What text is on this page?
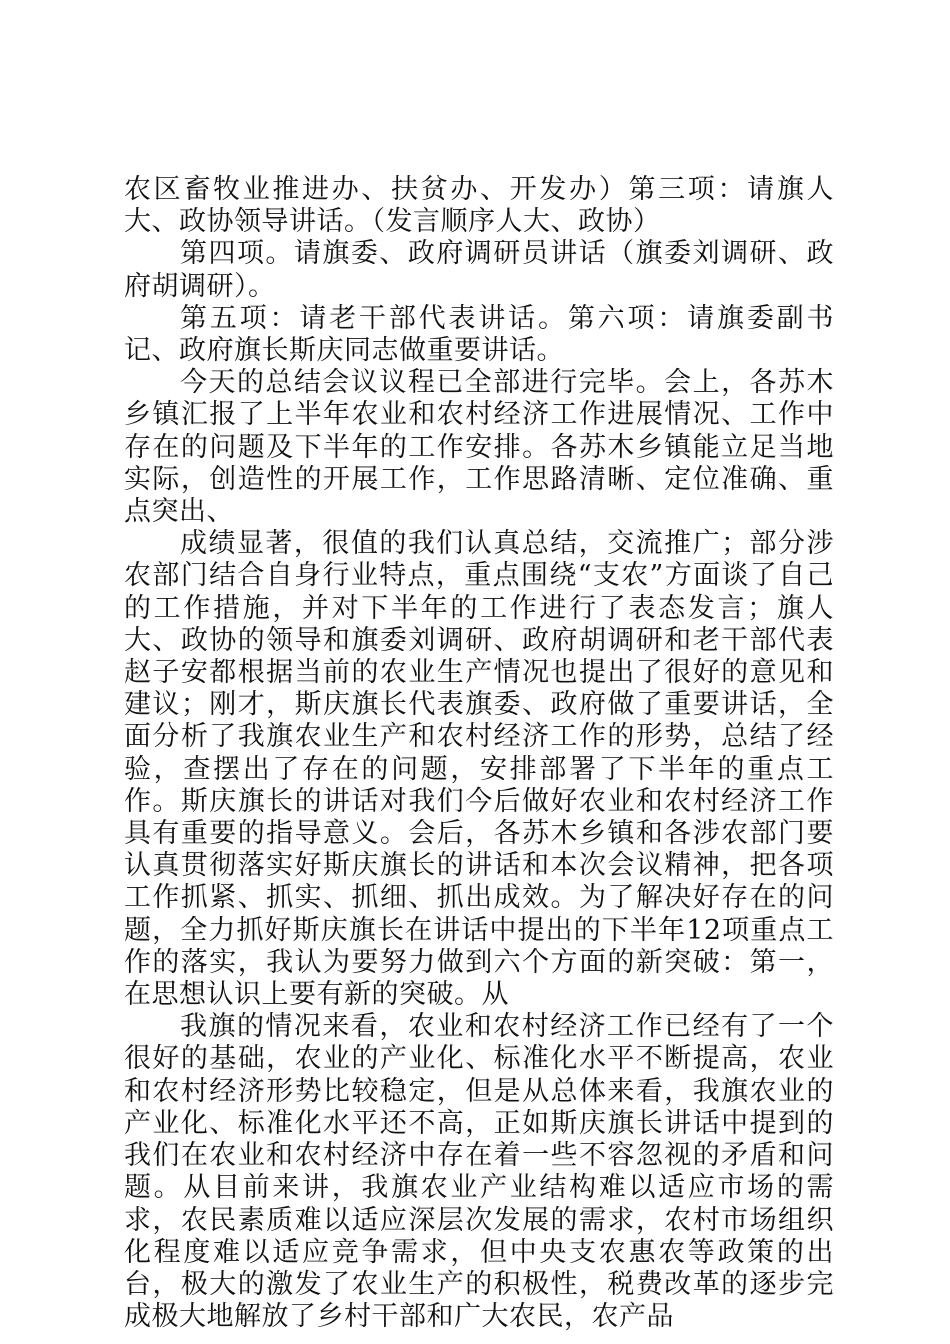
农区畜牧业推进办、扶贫办、开发办）第三项：请旗人大、政协领导讲话。（发言顺序人大、政协）

第四项。请旗委、政府调研员讲话（旗委刘调研、政府胡调研）。

第五项：请老干部代表讲话。第六项：请旗委副书记、政府旗长斯庆同志做重要讲话。

今天的总结会议议程已全部进行完毕。会上，各苏木乡镇汇报了上半年农业和农村经济工作进展情况、工作中存在的问题及下半年的工作安排。各苏木乡镇能立足当地实际，创造性的开展工作，工作思路清晰、定位准确、重点突出、

成绩显著，很值的我们认真总结，交流推广；部分涉农部门结合自身行业特点，重点围绕“支农”方面谈了自己的工作措施，并对下半年的工作进行了表态发言；旗人大、政协的领导和旗委刘调研、政府胡调研和老干部代表赵子安都根据当前的农业生产情况也提出了很好的意见和建议；刚才，斯庆旗长代表旗委、政府做了重要讲话，全面分析了我旗农业生产和农村经济工作的形势，总结了经验，查摆出了存在的问题，安排部署了下半年的重点工作。斯庆旗长的讲话对我们今后做好农业和农村经济工作具有重要的指导意义。会后，各苏木乡镇和各涉农部门要认真贯彻落实好斯庆旗长的讲话和本次会议精神，把各项工作抓紧、抓实、抓细、抓出成效。为了解决好存在的问题，全力抓好斯庆旗长在讲话中提出的下半年12项重点工作的落实，我认为要努力做到六个方面的新突破：第一，在思想认识上要有新的突破。从

我旗的情况来看，农业和农村经济工作已经有了一个很好的基础，农业的产业化、标准化水平不断提高，农业和农村经济形势比较稳定，但是从总体来看，我旗农业的产业化、标准化水平还不高，正如斯庆旗长讲话中提到的我们在农业和农村经济中存在着一些不容忽视的矛盾和问题。从目前来讲，我旗农业产业结构难以适应市场的需求，农民素质难以适应深层次发展的需求，农村市场组织化程度难以适应竞争需求，但中央支农惠农等政策的出台，极大的激发了农业生产的积极性，税费改革的逐步完成极大地解放了乡村干部和广大农民，农产品
